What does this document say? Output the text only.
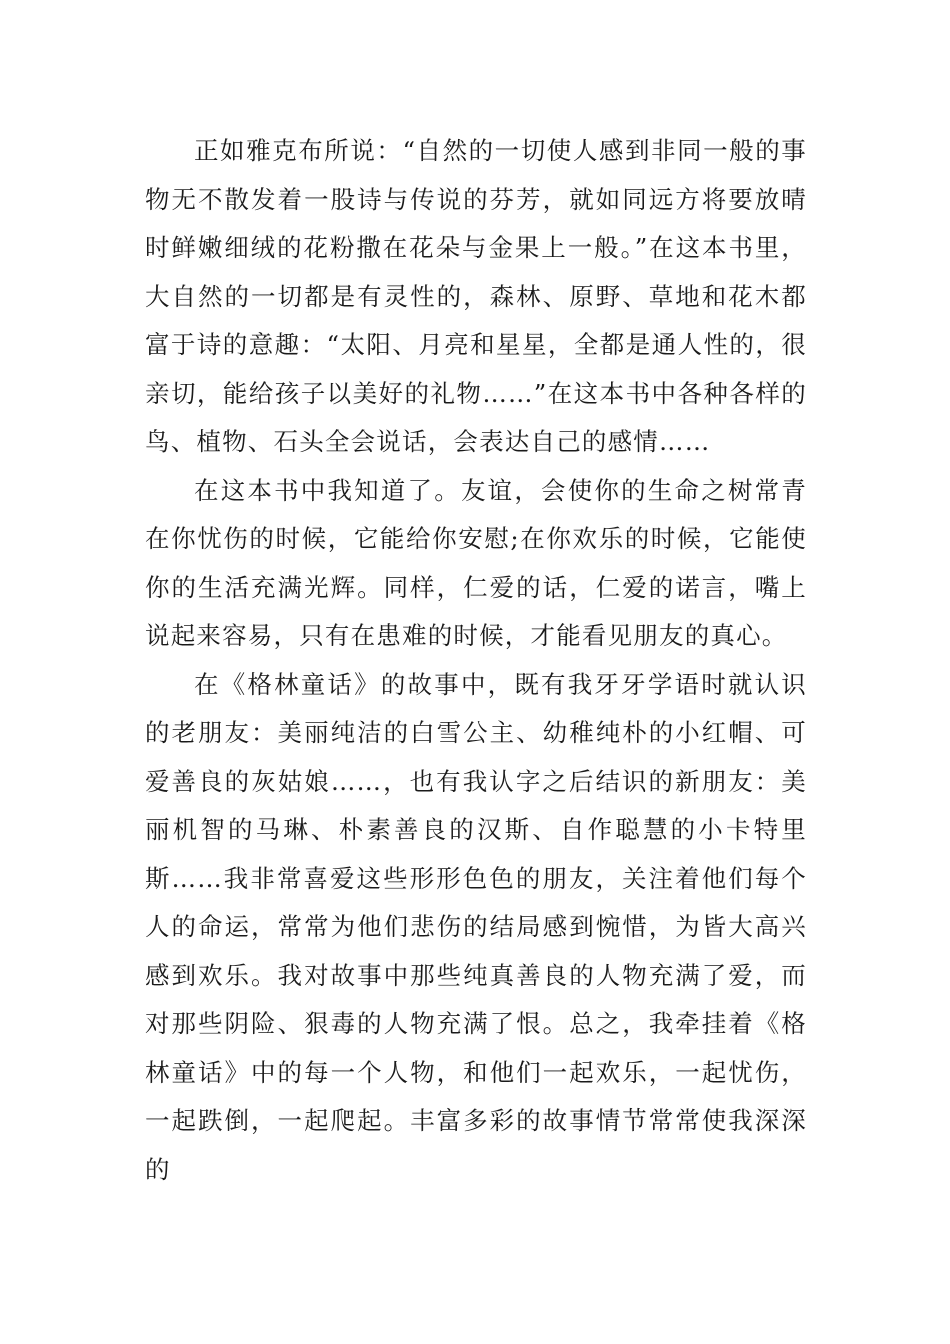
正如雅克布所说：“自然的一切使人感到非同一般的事物无不散发着一股诗与传说的芬芳，就如同远方将要放晴时鲜嫩细绒的花粉撒在花朵与金果上一般。”在这本书里，大自然的一切都是有灵性的，森林、原野、草地和花木都富于诗的意趣：“太阳、月亮和星星，全都是通人性的，很亲切，能给孩子以美好的礼物……”在这本书中各种各样的鸟、植物、石头全会说话，会表达自己的感情……

在这本书中我知道了。友谊，会使你的生命之树常青在你忧伤的时候，它能给你安慰;在你欢乐的时候，它能使你的生活充满光辉。同样，仁爱的话，仁爱的诺言，嘴上说起来容易，只有在患难的时候，才能看见朋友的真心。

在《格林童话》的故事中，既有我牙牙学语时就认识的老朋友：美丽纯洁的白雪公主、幼稚纯朴的小红帽、可爱善良的灰姑娘……，也有我认字之后结识的新朋友：美丽机智的马琳、朴素善良的汉斯、自作聪慧的小卡特里斯……我非常喜爱这些形形色色的朋友，关注着他们每个人的命运，常常为他们悲伤的结局感到惋惜，为皆大高兴感到欢乐。我对故事中那些纯真善良的人物充满了爱，而对那些阴险、狠毒的人物充满了恨。总之，我牵挂着《格林童话》中的每一个人物，和他们一起欢乐，一起忧伤，一起跌倒，一起爬起。丰富多彩的故事情节常常使我深深的
